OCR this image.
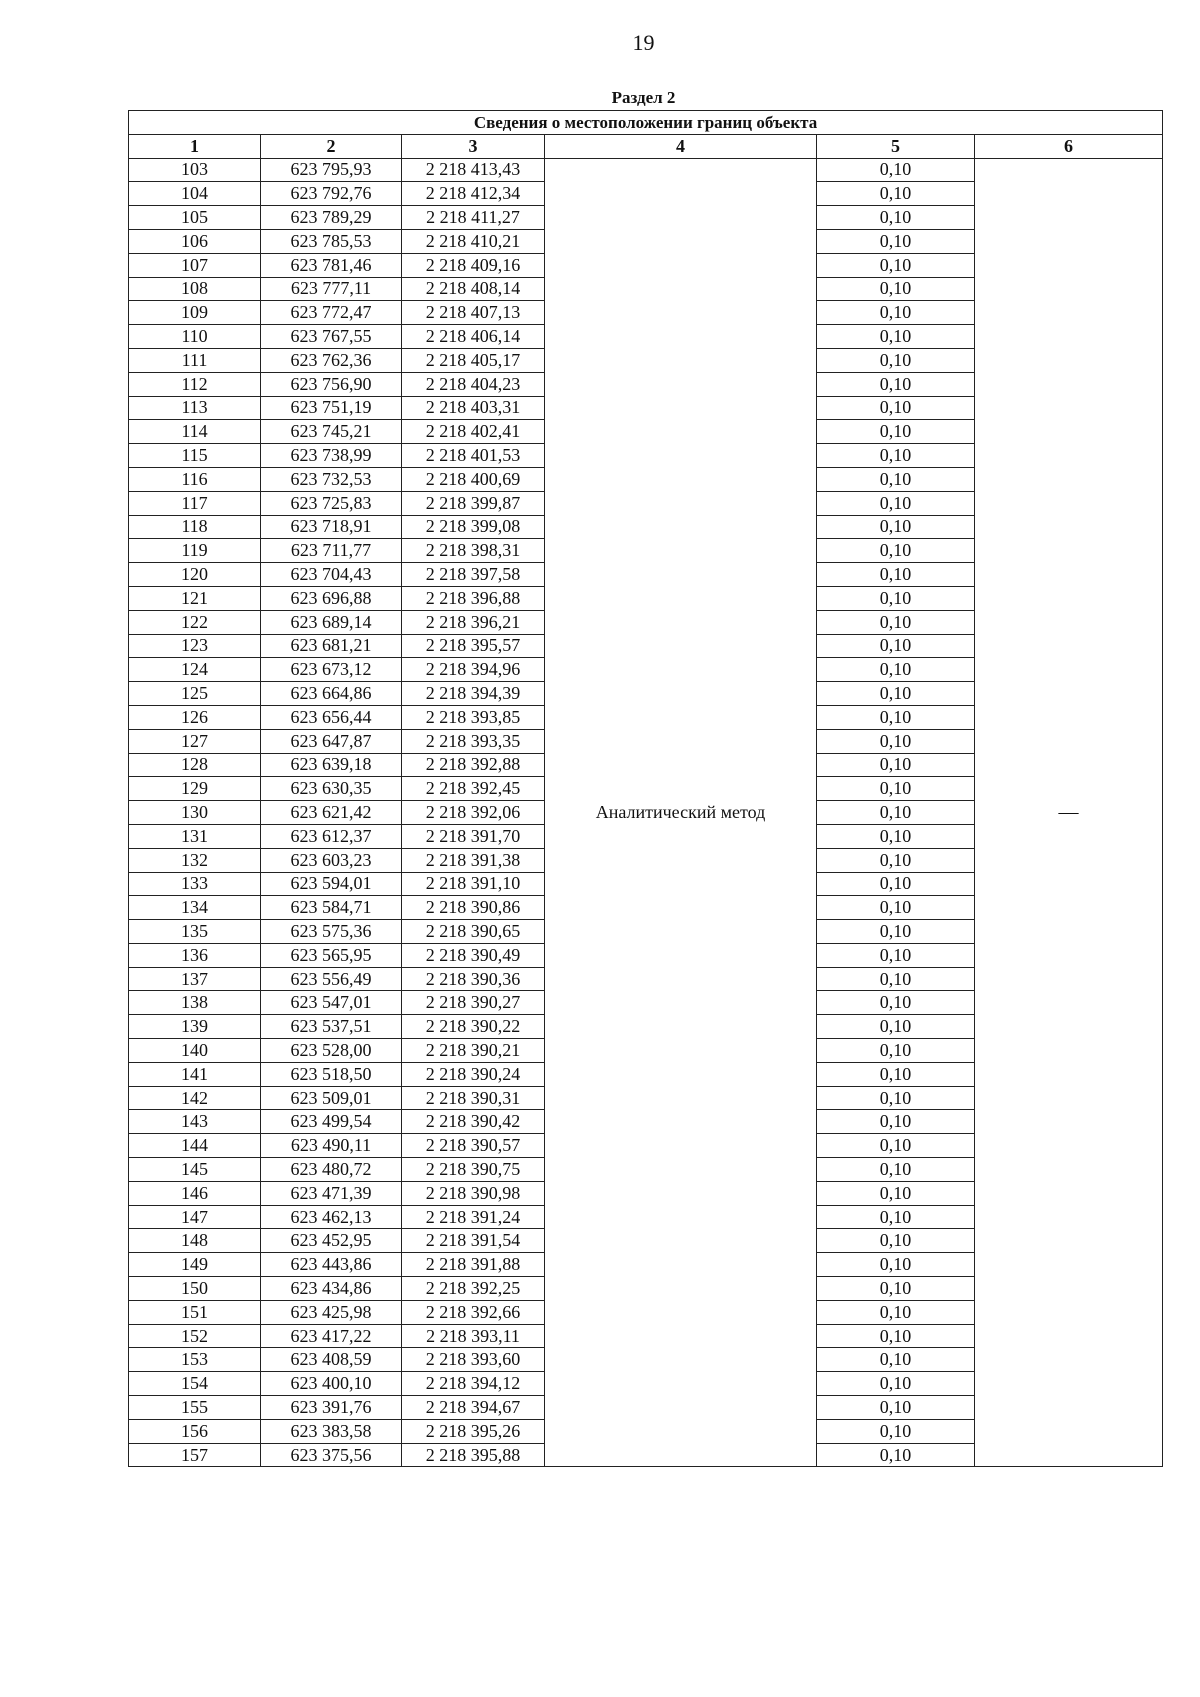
19
Раздел 2
Сведения о местоположении границ объекта					
1	2	3	4	5	6
103	623 795,93	2 218 413,43	Аналитический метод	0,10	—
104	623 792,76	2 218 412,34		0,10	
105	623 789,29	2 218 411,27		0,10	
106	623 785,53	2 218 410,21		0,10	
107	623 781,46	2 218 409,16		0,10	
108	623 777,11	2 218 408,14		0,10	
109	623 772,47	2 218 407,13		0,10	
110	623 767,55	2 218 406,14		0,10	
111	623 762,36	2 218 405,17		0,10	
112	623 756,90	2 218 404,23		0,10	
113	623 751,19	2 218 403,31		0,10	
114	623 745,21	2 218 402,41		0,10	
115	623 738,99	2 218 401,53		0,10	
116	623 732,53	2 218 400,69		0,10	
117	623 725,83	2 218 399,87		0,10	
118	623 718,91	2 218 399,08		0,10	
119	623 711,77	2 218 398,31		0,10	
120	623 704,43	2 218 397,58		0,10	
121	623 696,88	2 218 396,88		0,10	
122	623 689,14	2 218 396,21		0,10	
123	623 681,21	2 218 395,57		0,10	
124	623 673,12	2 218 394,96		0,10	
125	623 664,86	2 218 394,39		0,10	
126	623 656,44	2 218 393,85		0,10	
127	623 647,87	2 218 393,35		0,10	
128	623 639,18	2 218 392,88		0,10	
129	623 630,35	2 218 392,45		0,10	
130	623 621,42	2 218 392,06		0,10	
131	623 612,37	2 218 391,70		0,10	
132	623 603,23	2 218 391,38		0,10	
133	623 594,01	2 218 391,10		0,10	
134	623 584,71	2 218 390,86		0,10	
135	623 575,36	2 218 390,65		0,10	
136	623 565,95	2 218 390,49		0,10	
137	623 556,49	2 218 390,36		0,10	
138	623 547,01	2 218 390,27		0,10	
139	623 537,51	2 218 390,22		0,10	
140	623 528,00	2 218 390,21		0,10	
141	623 518,50	2 218 390,24		0,10	
142	623 509,01	2 218 390,31		0,10	
143	623 499,54	2 218 390,42		0,10	
144	623 490,11	2 218 390,57		0,10	
145	623 480,72	2 218 390,75		0,10	
146	623 471,39	2 218 390,98		0,10	
147	623 462,13	2 218 391,24		0,10	
148	623 452,95	2 218 391,54		0,10	
149	623 443,86	2 218 391,88		0,10	
150	623 434,86	2 218 392,25		0,10	
151	623 425,98	2 218 392,66		0,10	
152	623 417,22	2 218 393,11		0,10	
153	623 408,59	2 218 393,60		0,10	
154	623 400,10	2 218 394,12		0,10	
155	623 391,76	2 218 394,67		0,10	
156	623 383,58	2 218 395,26		0,10	
157	623 375,56	2 218 395,88		0,10	
